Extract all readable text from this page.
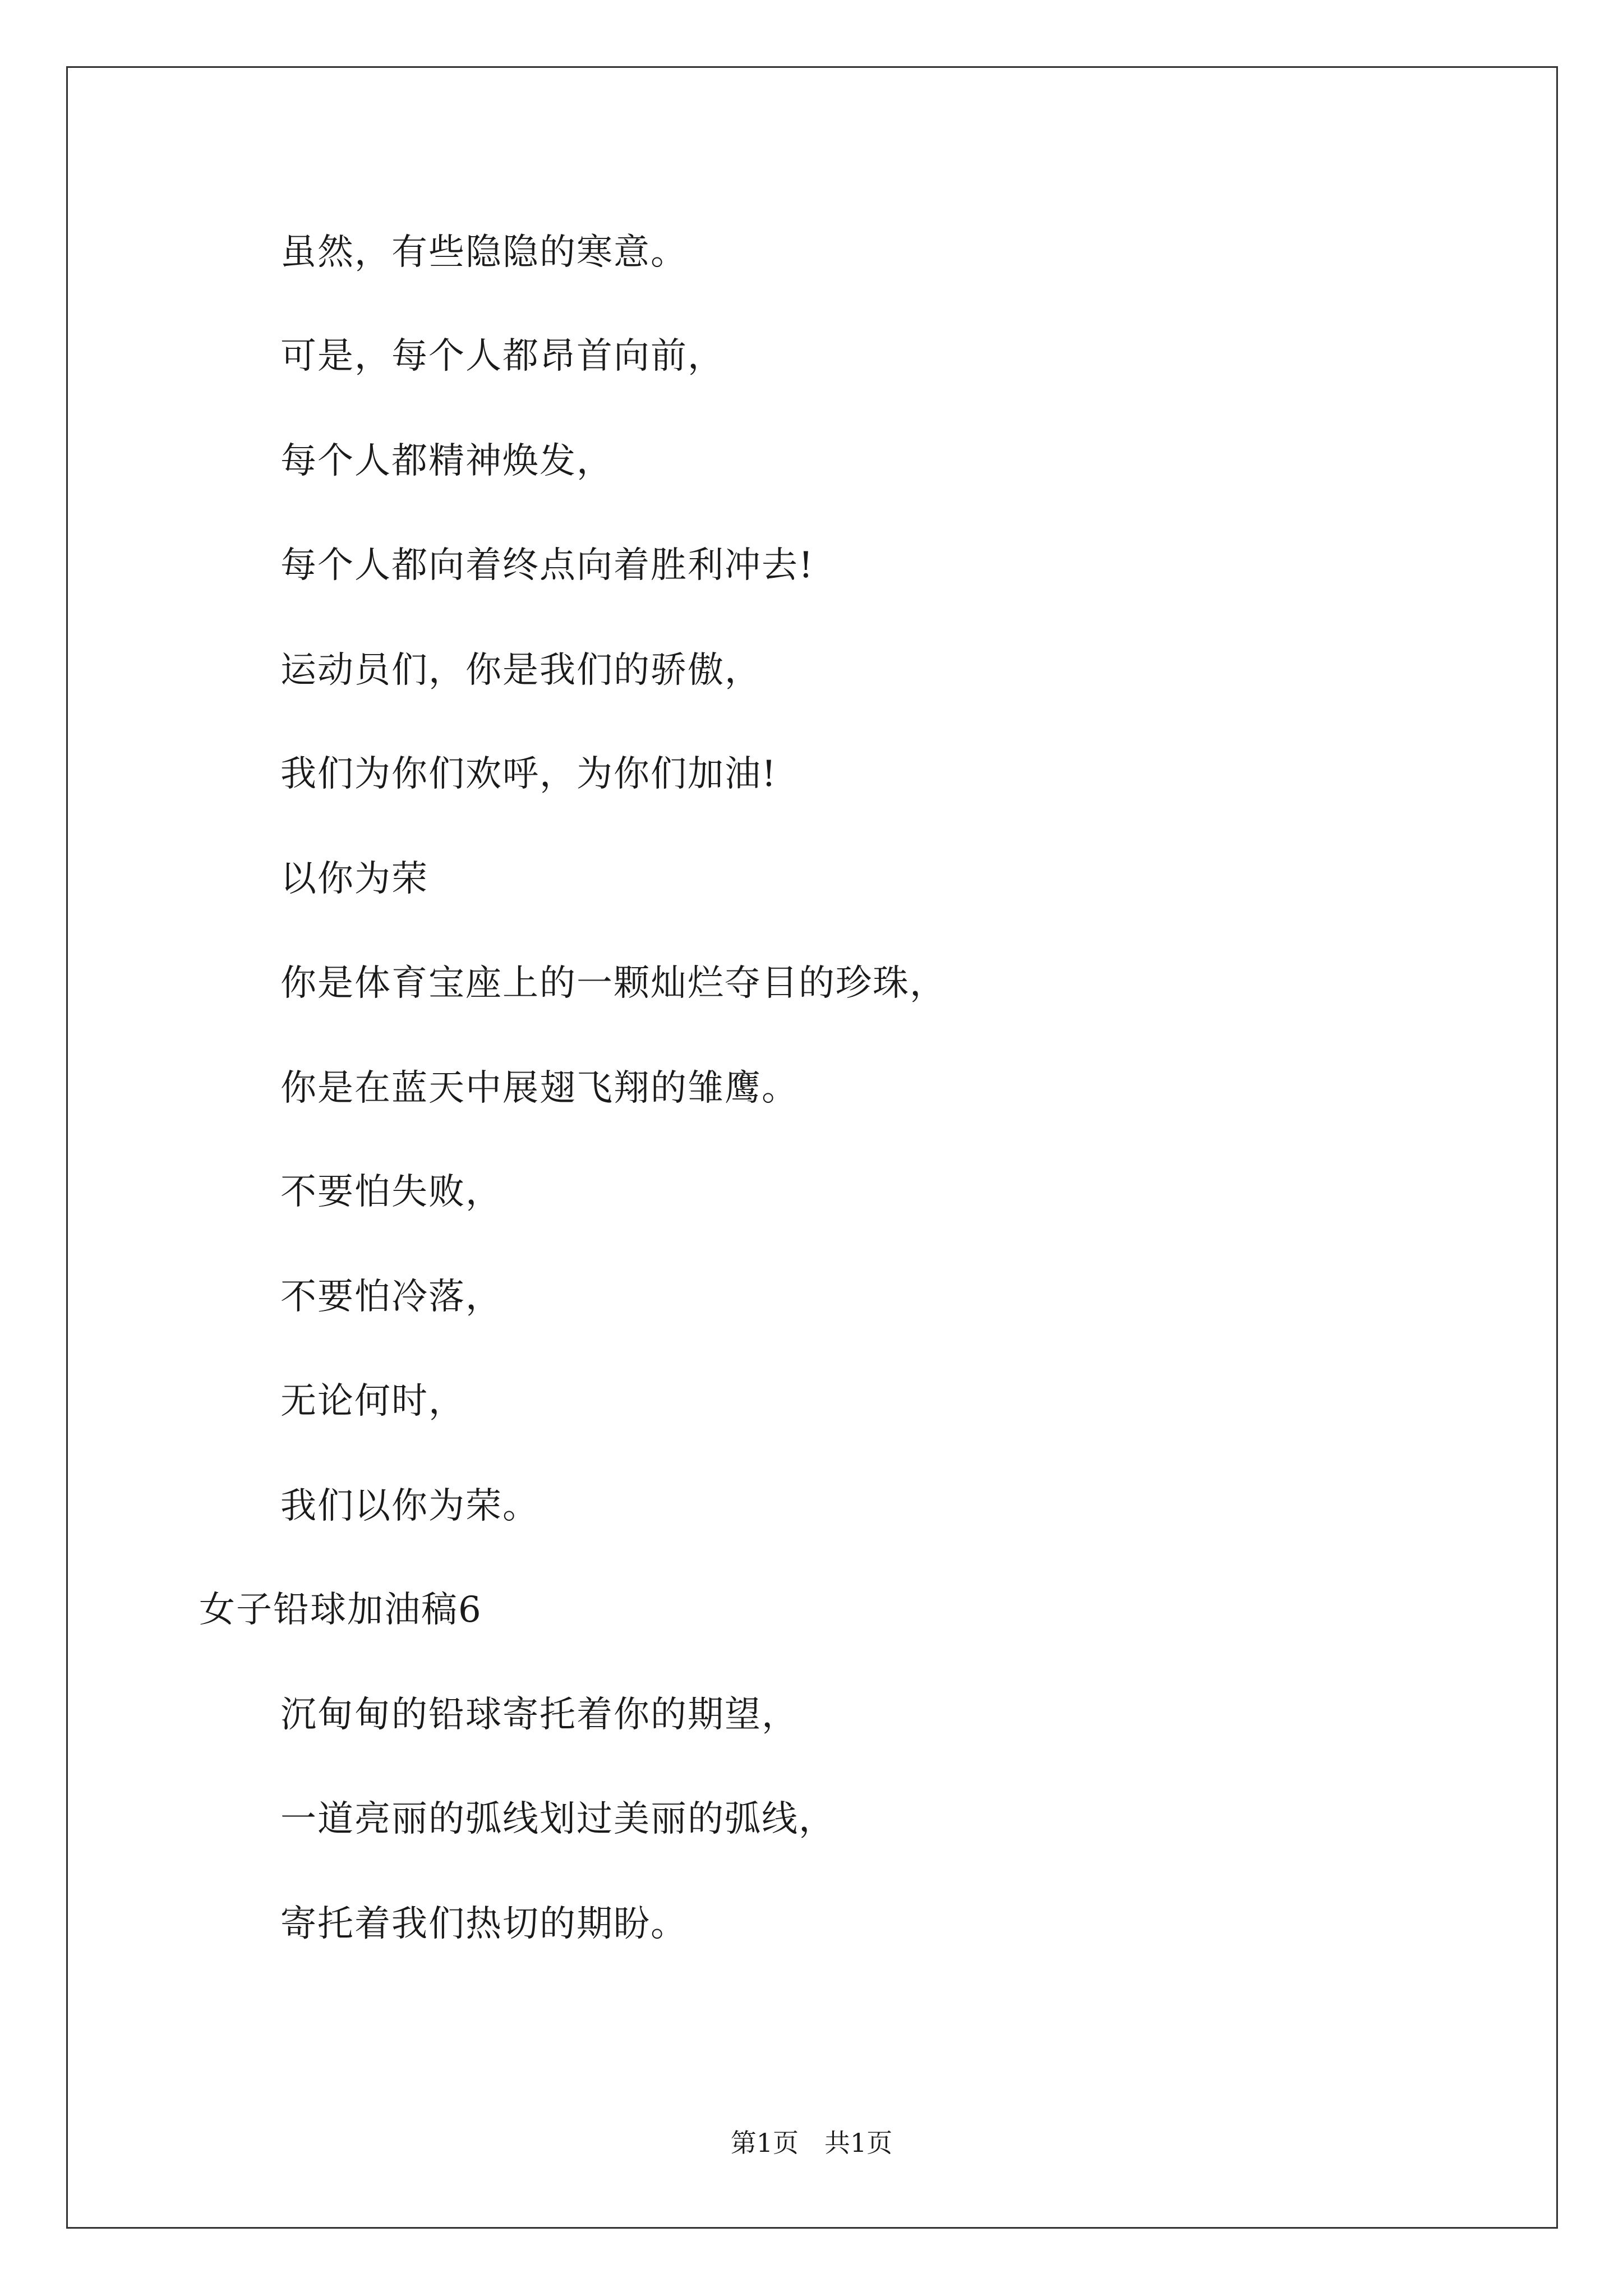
虽然，有些隐隐的寒意。
可是，每个人都昂首向前，
每个人都精神焕发，
每个人都向着终点向着胜利冲去!
运动员们，你是我们的骄傲，
我们为你们欢呼，为你们加油!
以你为荣
你是体育宝座上的一颗灿烂夺目的珍珠，
你是在蓝天中展翅飞翔的雏鹰。
不要怕失败，
不要怕冷落，
无论何时，
我们以你为荣。
女子铅球加油稿6
沉甸甸的铅球寄托着你的期望，
一道亮丽的弧线划过美丽的弧线，
寄托着我们热切的期盼。
第1页　共1页
